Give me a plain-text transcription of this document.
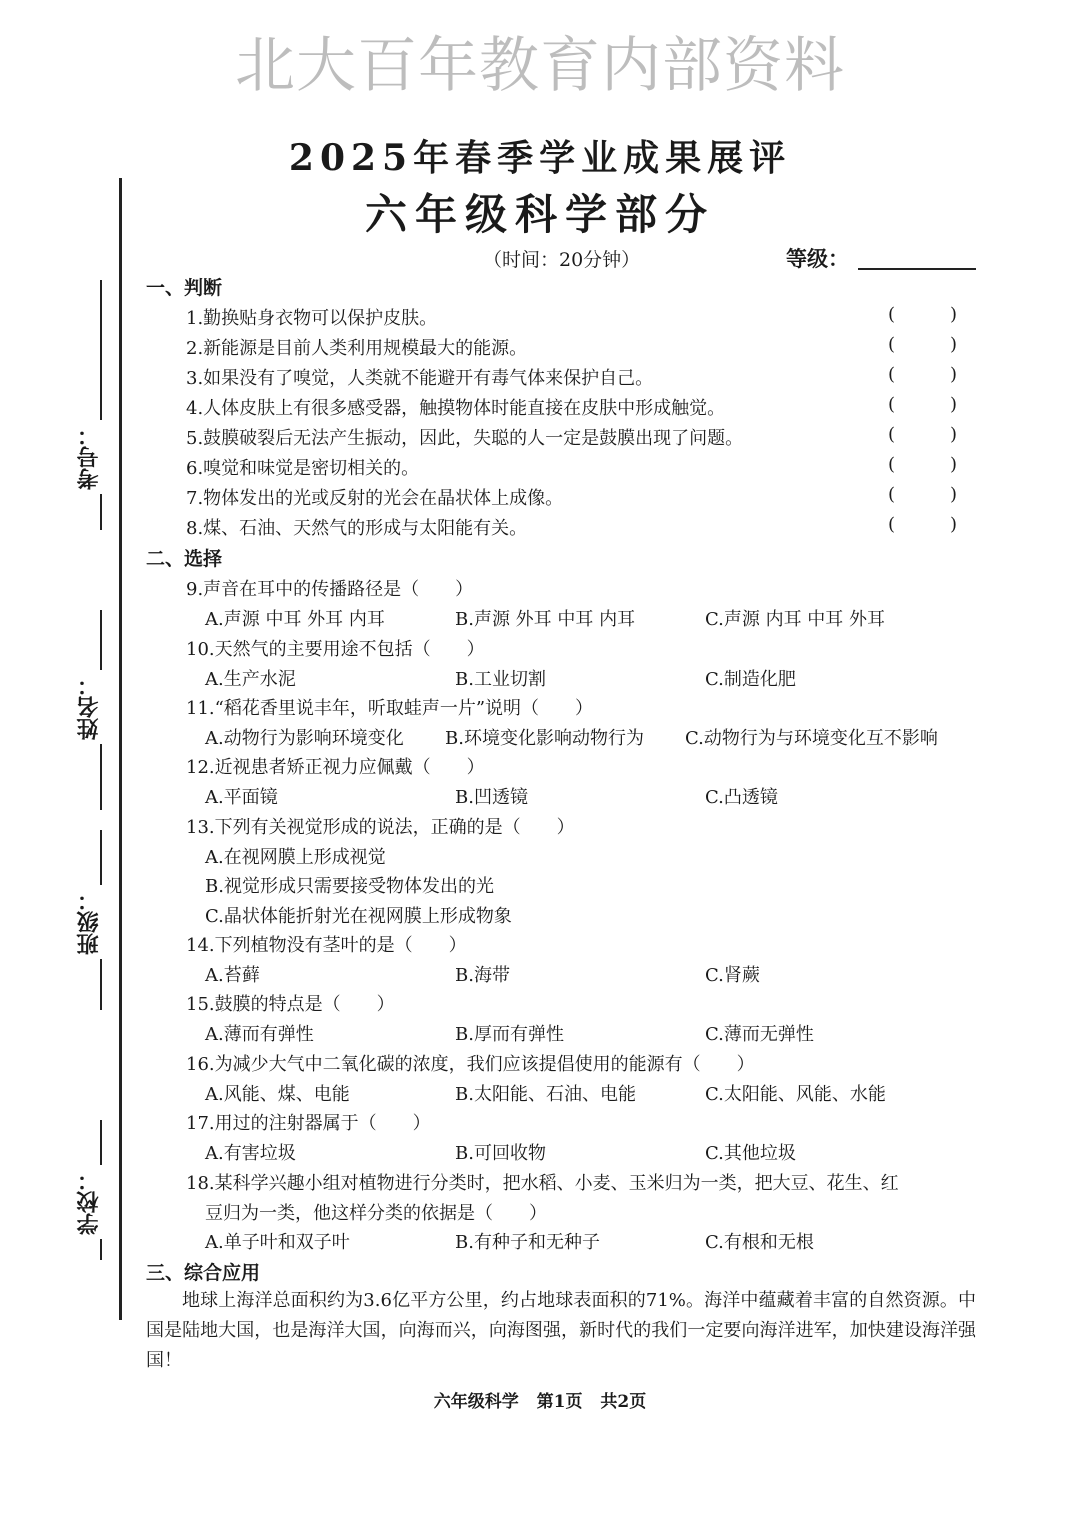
北大百年教育内部资料
2025年春季学业成果展评
六年级科学部分
（时间：20分钟）	等级：
考号：
姓名：
班级：
学校：
一、判断
1.勤换贴身衣物可以保护皮肤。
2.新能源是目前人类利用规模最大的能源。
3.如果没有了嗅觉，人类就不能避开有毒气体来保护自己。
4.人体皮肤上有很多感受器，触摸物体时能直接在皮肤中形成触觉。
5.鼓膜破裂后无法产生振动，因此，失聪的人一定是鼓膜出现了问题。
6.嗅觉和味觉是密切相关的。
7.物体发出的光或反射的光会在晶状体上成像。
8.煤、石油、天然气的形成与太阳能有关。
(	)
(	)
(	)
(	)
(	)
(	)
(	)
(	)
二、选择
9.声音在耳中的传播路径是（　　）
A.声源 中耳 外耳 内耳	B.声源 外耳 中耳 内耳	C.声源 内耳 中耳 外耳
10.天然气的主要用途不包括（　　）
A.生产水泥	B.工业切割	C.制造化肥
11.“稻花香里说丰年，听取蛙声一片”说明（　　）
A.动物行为影响环境变化 B.环境变化影响动物行为 C.动物行为与环境变化互不影响
12.近视患者矫正视力应佩戴（　　）
A.平面镜	B.凹透镜	C.凸透镜
13.下列有关视觉形成的说法，正确的是（　　）
A.在视网膜上形成视觉
B.视觉形成只需要接受物体发出的光
C.晶状体能折射光在视网膜上形成物象
14.下列植物没有茎叶的是（　　）
A.苔藓	B.海带	C.肾蕨
15.鼓膜的特点是（　　）
A.薄而有弹性	B.厚而有弹性	C.薄而无弹性
16.为减少大气中二氧化碳的浓度，我们应该提倡使用的能源有（　　）
A.风能、煤、电能	B.太阳能、石油、电能	C.太阳能、风能、水能
17.用过的注射器属于（　　）
A.有害垃圾	B.可回收物	C.其他垃圾
18.某科学兴趣小组对植物进行分类时，把水稻、小麦、玉米归为一类，把大豆、花生、红
豆归为一类，他这样分类的依据是（　　）
A.单子叶和双子叶	B.有种子和无种子	C.有根和无根
三、综合应用
地球上海洋总面积约为3.6亿平方公里，约占地球表面积的71%。海洋中蕴藏着丰富的自然资源。中国是陆地大国，也是海洋大国，向海而兴，向海图强，新时代的我们一定要向海洋进军，加快建设海洋强国！
六年级科学 第1页 共2页
